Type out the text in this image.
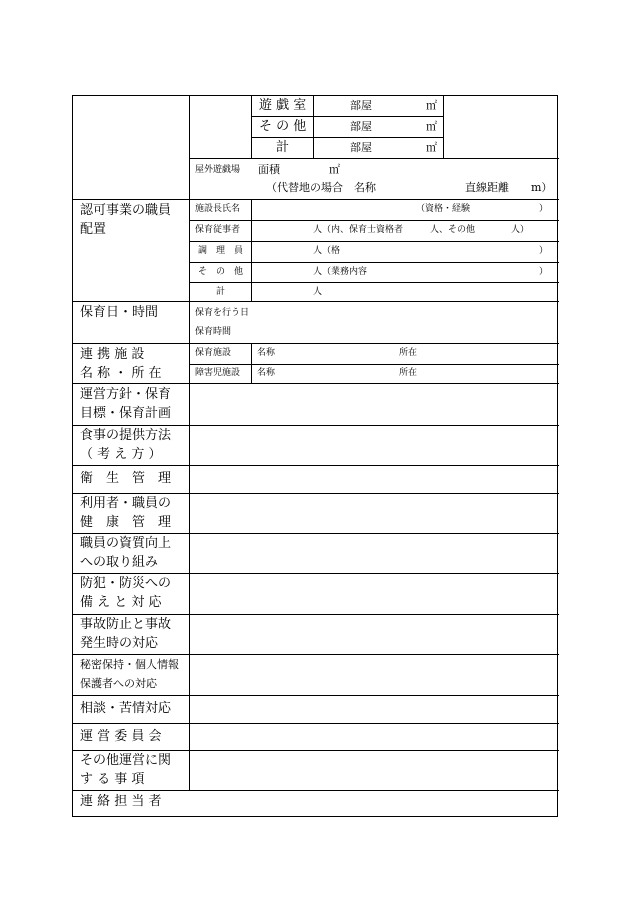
遊 戯 室	部屋	㎡
そ の 他	部屋	㎡
計	部屋	㎡
屋外遊戯場 面積	㎡
（代替地の場合　名称	直線距離　　m）
認可事業の職員
配置
施設長氏名	（資格・経験	）
保育従事者	人（内、保育士資格者　　　人、その他　　　　人）
調　理　員	人（格	）
そ　の　他	人（業務内容	）
計	人
保育日・時間	保育を行う日
保育時間
連 携 施 設
名 称 ・ 所 在
保育施設	名称	所在
障害児施設 名称	所在
運営方針・保育
目標・保育計画
食事の提供方法
（ 考 え 方 ）
衛　生　管　理
利用者・職員の
健　康　管　理
職員の資質向上
への取り組み
防犯・防災への
備 え と 対 応
事故防止と事故
発生時の対応
秘密保持・個人情報
保護者への対応
相談・苦情対応
運 営 委 員 会
その他運営に関
す る 事 項
連 絡 担 当 者
